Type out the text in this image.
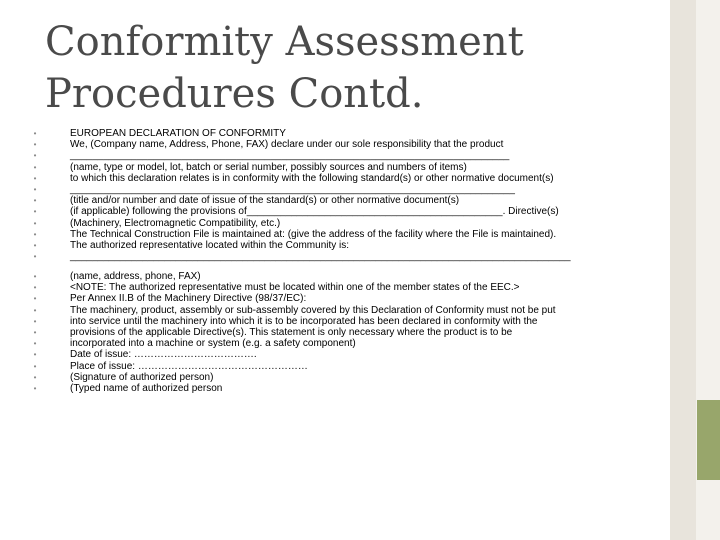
Conformity Assessment Procedures Contd.
•	EUROPEAN DECLARATION OF CONFORMITY
•	We, (Company name, Address, Phone, FAX) declare under our sole responsibility that the product
•	_______________________________________________________________________________
•	(name, type or model, lot, batch or serial number, possibly sources and numbers of items)
•	to which this declaration relates is in conformity with the following standard(s) or other normative document(s)
•	________________________________________________________________________________
•	(title and/or number and date of issue of the standard(s) or other normative document(s)
•	(if applicable) following the provisions of______________________________________________. Directive(s)
•	(Machinery, Electromagnetic Compatibility, etc.)
•	The Technical Construction File is maintained at: (give the address of the facility where the File is maintained).
•	The authorized representative located within the Community is:
•	__________________________________________________________________________________________
•	(name, address, phone, FAX)
•	<NOTE: The authorized representative must be located within one of the member states of the EEC.>
•	Per Annex II.B of the Machinery Directive (98/37/EC):
•	The machinery, product, assembly or sub-assembly covered by this Declaration of Conformity must not be put
•	into service until the machinery into which it is to be incorporated has been declared in conformity with the
•	provisions of the applicable Directive(s). This statement is only necessary where the product is to be
•	incorporated into a machine or system (e.g. a safety component)
•	Date of issue: ……………………………….
•	Place of issue: ……………………………………………
•	(Signature of authorized person)
•	(Typed name of authorized person
